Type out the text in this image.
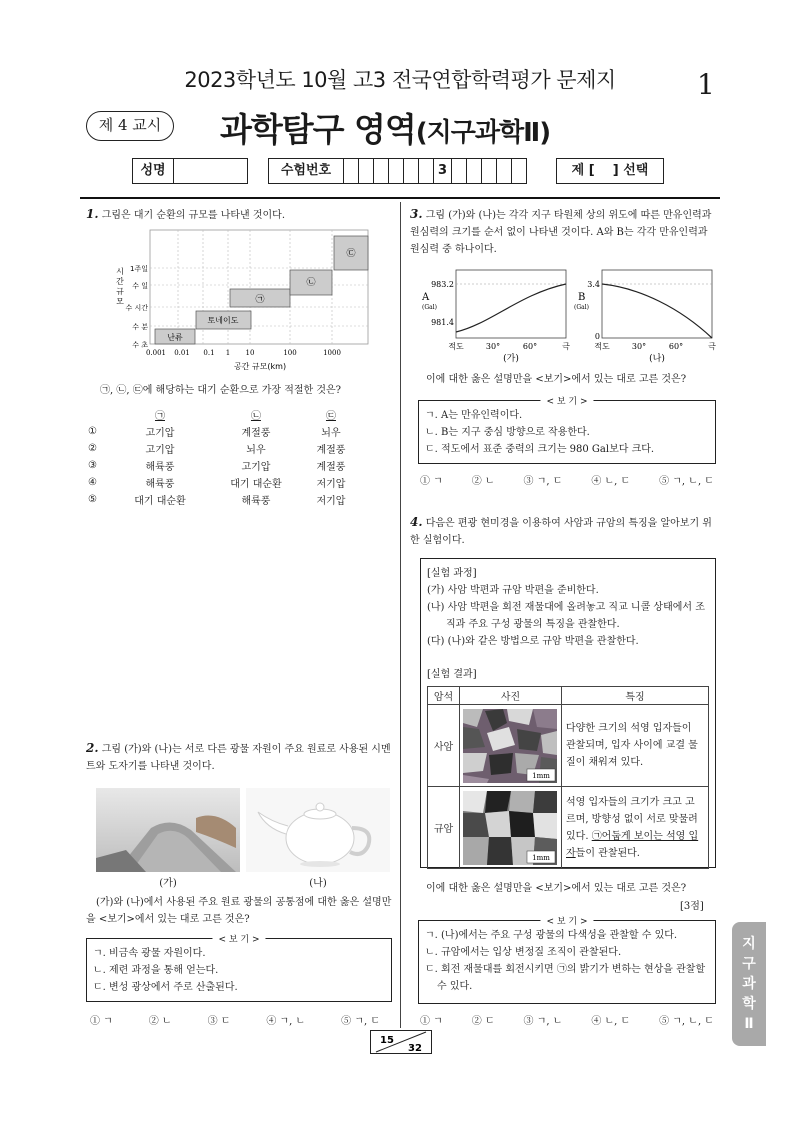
2023학년도 10월 고3 전국연합학력평가 문제지	1
제 4 교시	과학탐구 영역(지구과학Ⅱ)
성명	수험번호	3	제 [    ] 선택

1. 그림은 대기 순환의 규모를 나타낸 것이다.

난류
토네이도
㉠
㉡
㉢
1주일
수 일
수 시간
수 분
수 초
시
간
규
모
0.001 0.01 0.1 1 10	100	1000
공간 규모(km)

㉠, ㉡, ㉢에 해당하는 대기 순환으로 가장 적절한 것은?

	㉠	㉡	㉢
①	고기압	계절풍	뇌우
②	고기압	뇌우	계절풍
③	해륙풍	고기압	계절풍
④	해륙풍	대기 대순환	저기압
⑤	대기 대순환	해륙풍	저기압

2. 그림 (가)와 (나)는 서로 다른 광물 자원이 주요 원료로 사용된 시멘트와 도자기를 나타낸 것이다.

(가)	(나)

(가)와 (나)에서 사용된 주요 원료 광물의 공통점에 대한 옳은 설명만을 <보기>에서 있는 대로 고른 것은?

< 보 기 >
ㄱ. 비금속 광물 자원이다.
ㄴ. 제련 과정을 통해 얻는다.
ㄷ. 변성 광상에서 주로 산출된다.
① ㄱ	② ㄴ	③ ㄷ	④ ㄱ, ㄴ	⑤ ㄱ, ㄷ

3. 그림 (가)와 (나)는 각각 지구 타원체 상의 위도에 따른 만유인력과 원심력의 크기를 순서 없이 나타낸 것이다. A와 B는 각각 만유인력과 원심력 중 하나이다.

983.2
981.4
A
(Gal)
적도	30°	60°	극
(가)
3.4
0
B
(Gal)
적도	30°	60°	극
(나)

이에 대한 옳은 설명만을 <보기>에서 있는 대로 고른 것은?

< 보 기 >
ㄱ. A는 만유인력이다.
ㄴ. B는 지구 중심 방향으로 작용한다.
ㄷ. 적도에서 표준 중력의 크기는 980 Gal보다 크다.
① ㄱ	② ㄴ	③ ㄱ, ㄷ	④ ㄴ, ㄷ	⑤ ㄱ, ㄴ, ㄷ

4. 다음은 편광 현미경을 이용하여 사암과 규암의 특징을 알아보기 위한 실험이다.

[실험 과정]
(가) 사암 박편과 규암 박편을 준비한다.
(나) 사암 박편을 회전 재물대에 올려놓고 직교 니콜 상태에서 조직과 주요 구성 광물의 특징을 관찰한다.
(다) (나)와 같은 방법으로 규암 박편을 관찰한다.
[실험 결과]
암석	사진	특징
사암	1mm	다양한 크기의 석영 입자들이 관찰되며, 입자 사이에 교결 물질이 채워져 있다.
규암	1mm	석영 입자들의 크기가 크고 고르며, 방향성 없이 서로 맞물려 있다. ㉠어둡게 보이는 석영 입자들이 관찰된다.

이에 대한 옳은 설명만을 <보기>에서 있는 대로 고른 것은?

[3점]
< 보 기 >
ㄱ. (나)에서는 주요 구성 광물의 다색성을 관찰할 수 있다.
ㄴ. 규암에서는 입상 변정질 조직이 관찰된다.
ㄷ. 회전 재물대를 회전시키면 ㉠의 밝기가 변하는 현상을 관찰할 수 있다.
① ㄱ	② ㄷ	③ ㄱ, ㄴ	④ ㄴ, ㄷ	⑤ ㄱ, ㄴ, ㄷ
15
32
지구과학Ⅱ
